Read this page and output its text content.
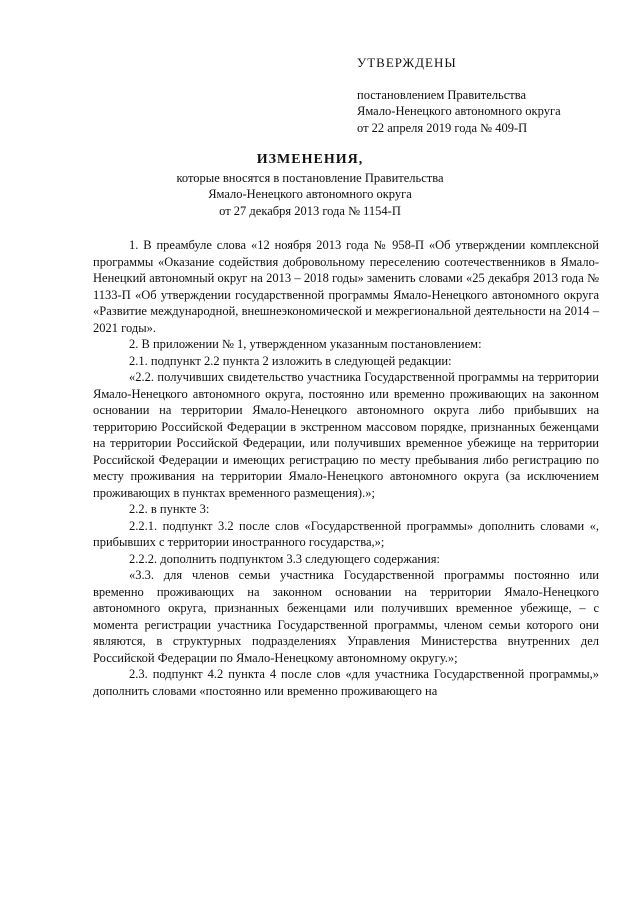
УТВЕРЖДЕНЫ
постановлением Правительства
Ямало-Ненецкого автономного округа
от 22 апреля 2019 года № 409-П
ИЗМЕНЕНИЯ,
которые вносятся в постановление Правительства
Ямало-Ненецкого автономного округа
от 27 декабря 2013 года № 1154-П

1. В преамбуле слова «12 ноября 2013 года № 958-П «Об утверждении комплексной программы «Оказание содействия добровольному переселению соотечественников в Ямало-Ненецкий автономный округ на 2013 – 2018 годы» заменить словами «25 декабря 2013 года № 1133-П «Об утверждении государственной программы Ямало-Ненецкого автономного округа «Развитие международной, внешнеэкономической и межрегиональной деятельности на 2014 – 2021 годы».

2. В приложении № 1, утвержденном указанным постановлением:

2.1. подпункт 2.2 пункта 2 изложить в следующей редакции:

«2.2. получивших свидетельство участника Государственной программы на территории Ямало-Ненецкого автономного округа, постоянно или временно проживающих на законном основании на территории Ямало-Ненецкого автономного округа либо прибывших на территорию Российской Федерации в экстренном массовом порядке, признанных беженцами на территории Российской Федерации, или получивших временное убежище на территории Российской Федерации и имеющих регистрацию по месту пребывания либо регистрацию по месту проживания на территории Ямало-Ненецкого автономного округа (за исключением проживающих в пунктах временного размещения).»;

2.2. в пункте 3:

2.2.1. подпункт 3.2 после слов «Государственной программы» дополнить словами «, прибывших с территории иностранного государства,»;

2.2.2. дополнить подпунктом 3.3 следующего содержания:

«3.3. для членов семьи участника Государственной программы постоянно или временно проживающих на законном основании на территории Ямало-Ненецкого автономного округа, признанных беженцами или получивших временное убежище, – с момента регистрации участника Государственной программы, членом семьи которого они являются, в структурных подразделениях Управления Министерства внутренних дел Российской Федерации по Ямало-Ненецкому автономному округу.»;

2.3. подпункт 4.2 пункта 4 после слов «для участника Государственной программы,» дополнить словами «постоянно или временно проживающего на
